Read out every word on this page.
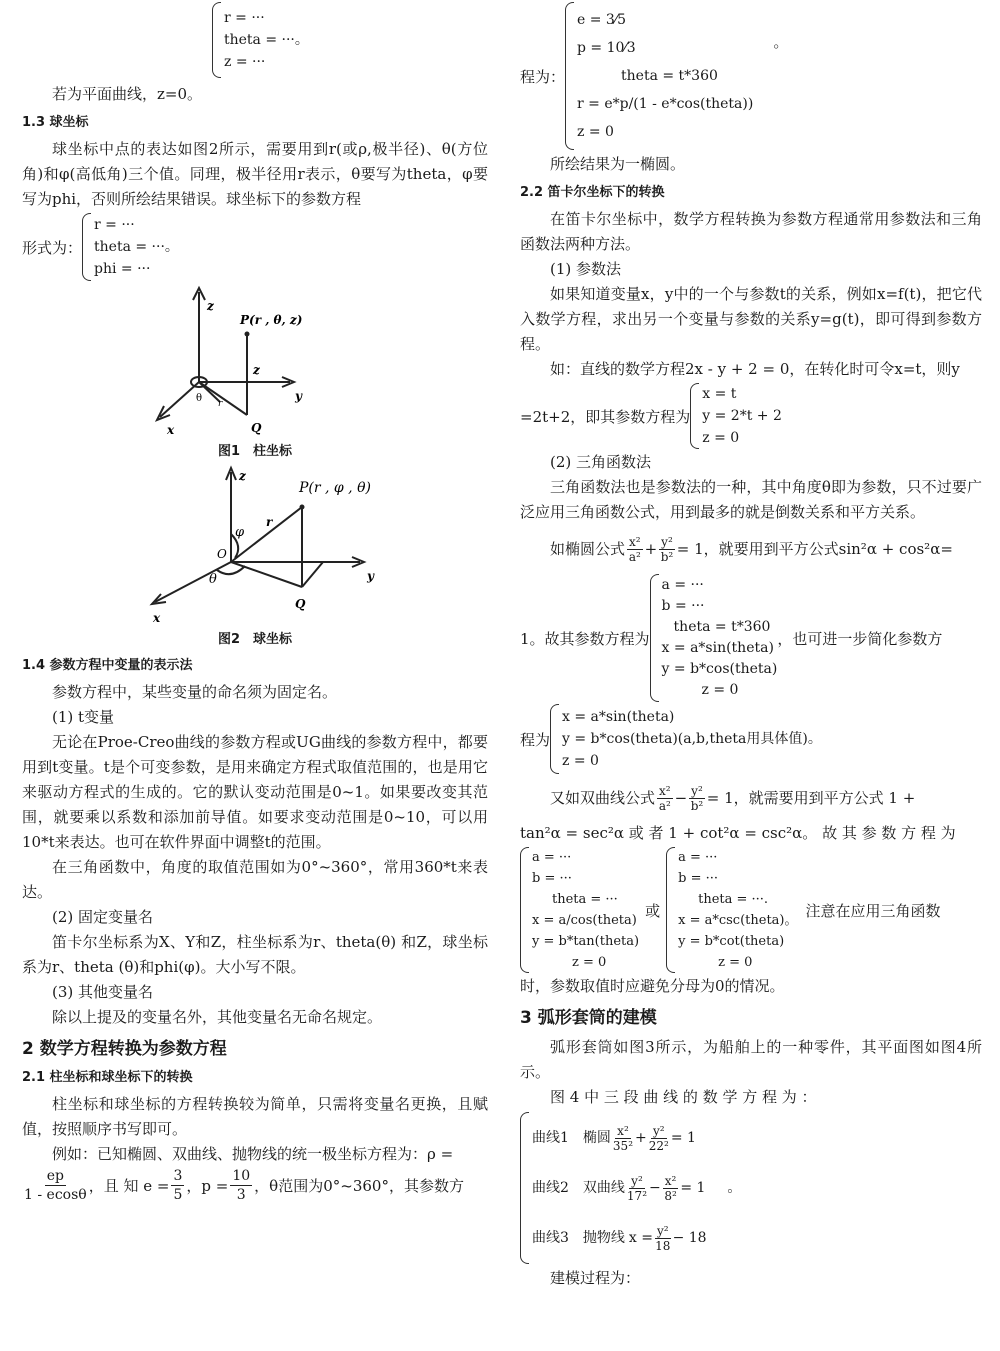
r = ···
theta = ···。
z = ···

若为平面曲线，z=0。

1.3 球坐标

球坐标中点的表达如图2所示，需要用到r(或ρ,极半径)、θ(方位角)和φ(高低角)三个值。同理，极半径用r表示，θ要写为theta，φ要写为phi，否则所绘结果错误。球坐标下的参数方程

形式为：
r = ···
theta = ···。
phi = ···
z
P(r , θ, z)
z
y
x	Q
θ r
图1　柱坐标
z
P(r , φ , θ)
r
φ
O
θ	y
x
Q
图2　球坐标
1.4 参数方程中变量的表示法

参数方程中，某些变量的命名须为固定名。

(1) t变量

无论在Proe-Creo曲线的参数方程或UG曲线的参数方程中，都要用到t变量。t是个可变参数，是用来确定方程式取值范围的，也是用它来驱动方程式的生成的。它的默认变动范围是0~1。如果要改变其范围，就要乘以系数和添加前导值。如要求变动范围是0~10，可以用10*t来表达。也可在软件界面中调整t的范围。

在三角函数中，角度的取值范围如为0°~360°，常用360*t来表达。

(2) 固定变量名

笛卡尔坐标系为X、Y和Z，柱坐标系为r、theta(θ) 和Z，球坐标系为r、theta (θ)和phi(φ)。大小写不限。

(3) 其他变量名

除以上提及的变量名外，其他变量名无命名规定。

2 数学方程转换为参数方程
2.1 柱坐标和球坐标下的转换

柱坐标和球坐标的方程转换较为简单，只需将变量名更换，且赋值，按照顺序书写即可。

例如：已知椭圆、双曲线、抛物线的统一极坐标方程为：ρ =

$\frac{ep}{1 - ecos\theta}$ ，且 知 $e = \frac{3}{5}$ ，$p = \frac{10}{3}$ ，θ范围为0°~360°，其参数方

程为：
e = 3⁄5
p = 10⁄3
theta = t*360
r = e*p/(1 - e*cos(theta))
z = 0
。

所绘结果为一椭圆。

2.2 笛卡尔坐标下的转换

在笛卡尔坐标中，数学方程转换为参数方程通常用参数法和三角函数法两种方法。

(1) 参数法

如果知道变量x，y中的一个与参数t的关系，例如x=f(t)，把它代入数学方程，求出另一个变量与参数的关系y=g(t)，即可得到参数方程。

如：直线的数学方程2x - y + 2 = 0，在转化时可令x=t，则y

=2t+2，即其参数方程为
x = t
y = 2*t + 2
z = 0

(2) 三角函数法

三角函数法也是参数法的一种，其中角度θ即为参数，只不过要广泛应用三角函数公式，用到最多的就是倒数关系和平方关系。

如椭圆公式 $\frac{\text{x²}}{\text{a²}} + \frac{\text{y²}}{\text{b²}} = 1$，就要用到平方公式sin²α + cos²α=

1。故其参数方程为
a = ···
b = ···
theta = t*360
x = a*sin(theta)
y = b*cos(theta)
z = 0
，也可进一步简化参数方
程为
x = a*sin(theta)
y = b*cos(theta)(a,b,theta用具体值)。
z = 0

又如双曲线公式 $\frac{\text{x²}}{\text{a²}} - \frac{\text{y²}}{\text{b²}} = 1$，就需要用到平方公式 1 +

tan²α = sec²α 或 者 1 + cot²α = csc²α。 故 其 参 数 方 程 为

a = ···
b = ···
theta = ···
x = a/cos(theta)
y = b*tan(theta)
z = 0
或
a = ···
b = ···
theta = ···.
x = a*csc(theta)。
y = b*cot(theta)
z = 0
注意在应用三角函数

时，参数取值时应避免分母为0的情况。

3 弧形套筒的建模

弧形套筒如图3所示，为船舶上的一种零件，其平面图如图4所示。

图 4 中 三 段 曲 线 的 数 学 方 程 为 ：

曲线1　椭圆 $\frac{\text{x²}}{\text{35²}} + \frac{\text{y²}}{\text{22²}} = 1$
曲线2　双曲线 $\frac{\text{y²}}{\text{17²}} - \frac{\text{x²}}{\text{8²}} = 1$ 。
曲线3　抛物线 $x = \frac{\text{y²}}{18} - 18$

建模过程为：
